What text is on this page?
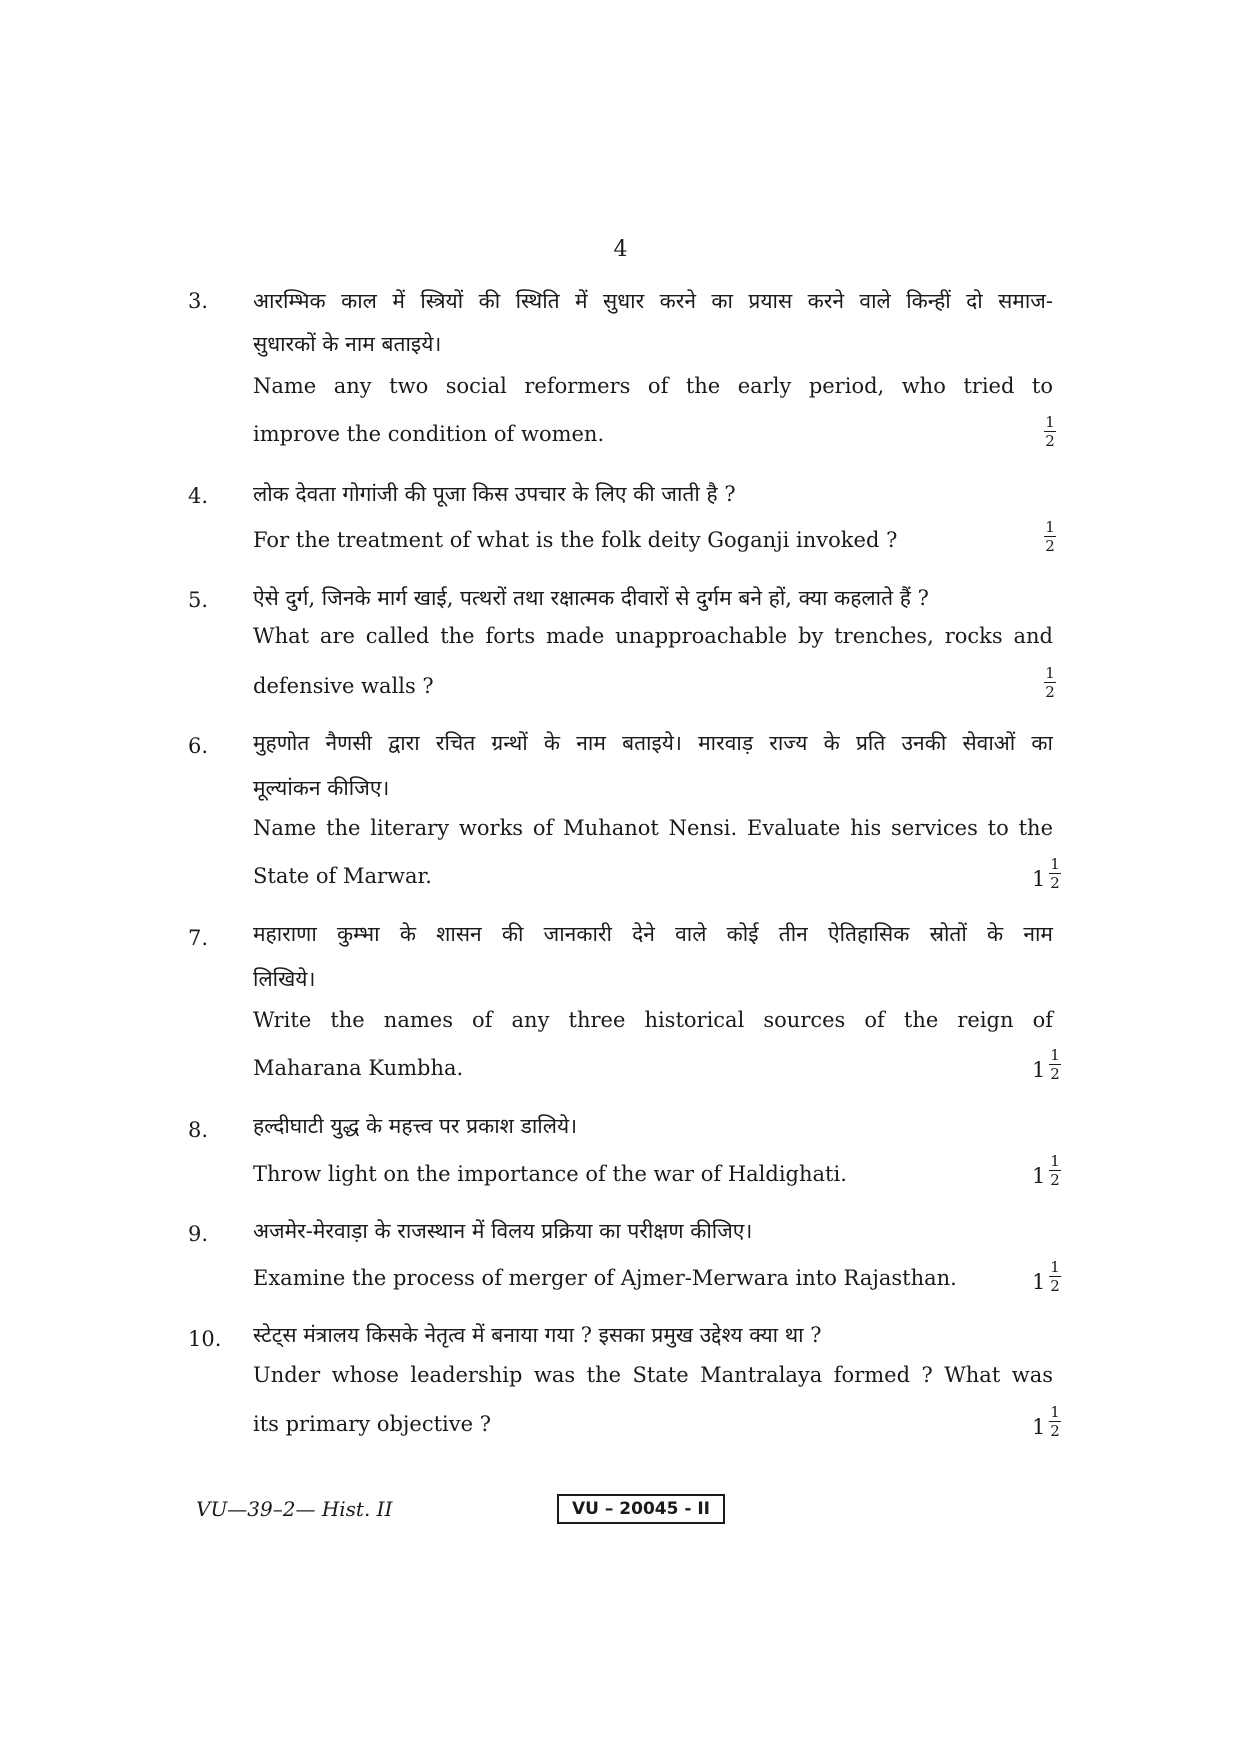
4
3. आरम्भिक काल में स्त्रियों की स्थिति में सुधार करने का प्रयास करने वाले किन्हीं दो समाज-
सुधारकों के नाम बताइये।
Name any two social reformers of the early period, who tried to
improve the condition of women.	$\frac{1}{2}$
4. लोक देवता गोगांजी की पूजा किस उपचार के लिए की जाती है ?
For the treatment of what is the folk deity Goganji invoked ?	$\frac{1}{2}$
5. ऐसे दुर्ग, जिनके मार्ग खाई, पत्थरों तथा रक्षात्मक दीवारों से दुर्गम बने हों, क्या कहलाते हैं ?
What are called the forts made unapproachable by trenches, rocks and
defensive walls ?	$\frac{1}{2}$
6. मुहणोत नैणसी द्वारा रचित ग्रन्थों के नाम बताइये। मारवाड़ राज्य के प्रति उनकी सेवाओं का
मूल्यांकन कीजिए।
Name the literary works of Muhanot Nensi. Evaluate his services to the
State of Marwar.	$1 \frac{1}{2}$
7. महाराणा कुम्भा के शासन की जानकारी देने वाले कोई तीन ऐतिहासिक स्रोतों के नाम
लिखिये।
Write the names of any three historical sources of the reign of
Maharana Kumbha.	$1 \frac{1}{2}$
8. हल्दीघाटी युद्ध के महत्त्व पर प्रकाश डालिये।
Throw light on the importance of the war of Haldighati.	$1 \frac{1}{2}$
9. अजमेर-मेरवाड़ा के राजस्थान में विलय प्रक्रिया का परीक्षण कीजिए।
Examine the process of merger of Ajmer-Merwara into Rajasthan.	$1 \frac{1}{2}$
10. स्टेट्स मंत्रालय किसके नेतृत्व में बनाया गया ? इसका प्रमुख उद्देश्य क्या था ?
Under whose leadership was the State Mantralaya formed ? What was
its primary objective ?	$1 \frac{1}{2}$
VU—39–2— Hist. II	VU – 20045 - II
